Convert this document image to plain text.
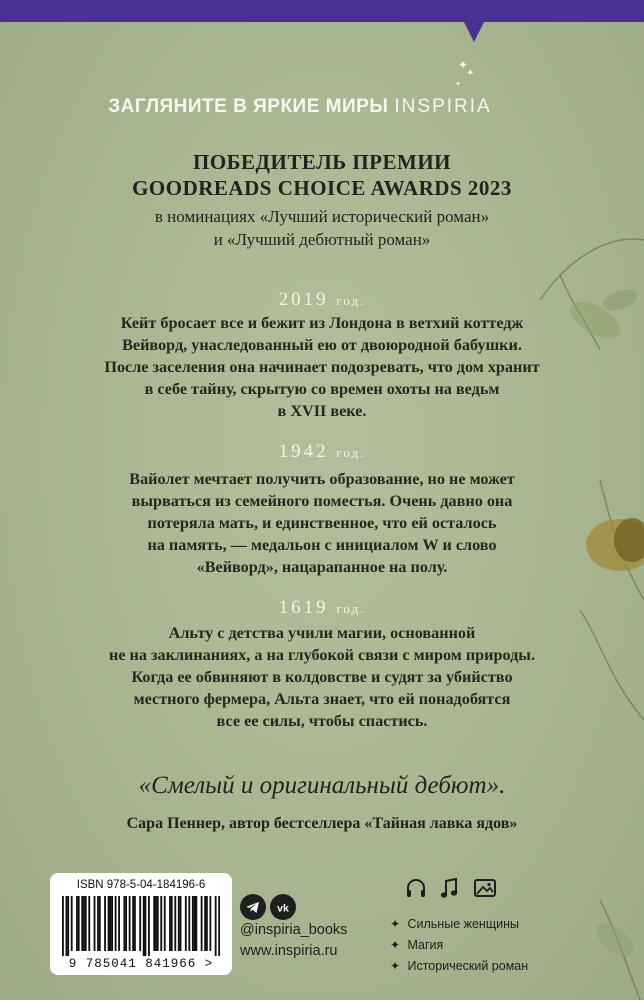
✦
✦
✦
ЗАГЛЯНИТЕ В ЯРКИЕ МИРЫ INSPIRIA
ПОБЕДИТЕЛЬ ПРЕМИИ
GOODREADS CHOICE AWARDS 2023
в номинациях «Лучший исторический роман»
и «Лучший дебютный роман»
2019 год.
Кейт бросает все и бежит из Лондона в ветхий коттедж
Вейворд, унаследованный ею от двоюродной бабушки.
После заселения она начинает подозревать, что дом хранит
в себе тайну, скрытую со времен охоты на ведьм
в XVII веке.
1942 год.
Вайолет мечтает получить образование, но не может
вырваться из семейного поместья. Очень давно она
потеряла мать, и единственное, что ей осталось
на память, — медальон с инициалом W и слово
«Вейворд», нацарапанное на полу.
1619 год.
Альту с детства учили магии, основанной
не на заклинаниях, а на глубокой связи с миром природы.
Когда ее обвиняют в колдовстве и судят за убийство
местного фермера, Альта знает, что ей понадобятся
все ее силы, чтобы спастись.
«Смелый и оригинальный дебют».
Сара Пеннер, автор бестселлера «Тайная лавка ядов»
ISBN 978-5-04-184196-6
9 785041 841966 >
vk
@inspiria_books
www.inspiria.ru
✦ Сильные женщины
✦ Магия
✦ Исторический роман
